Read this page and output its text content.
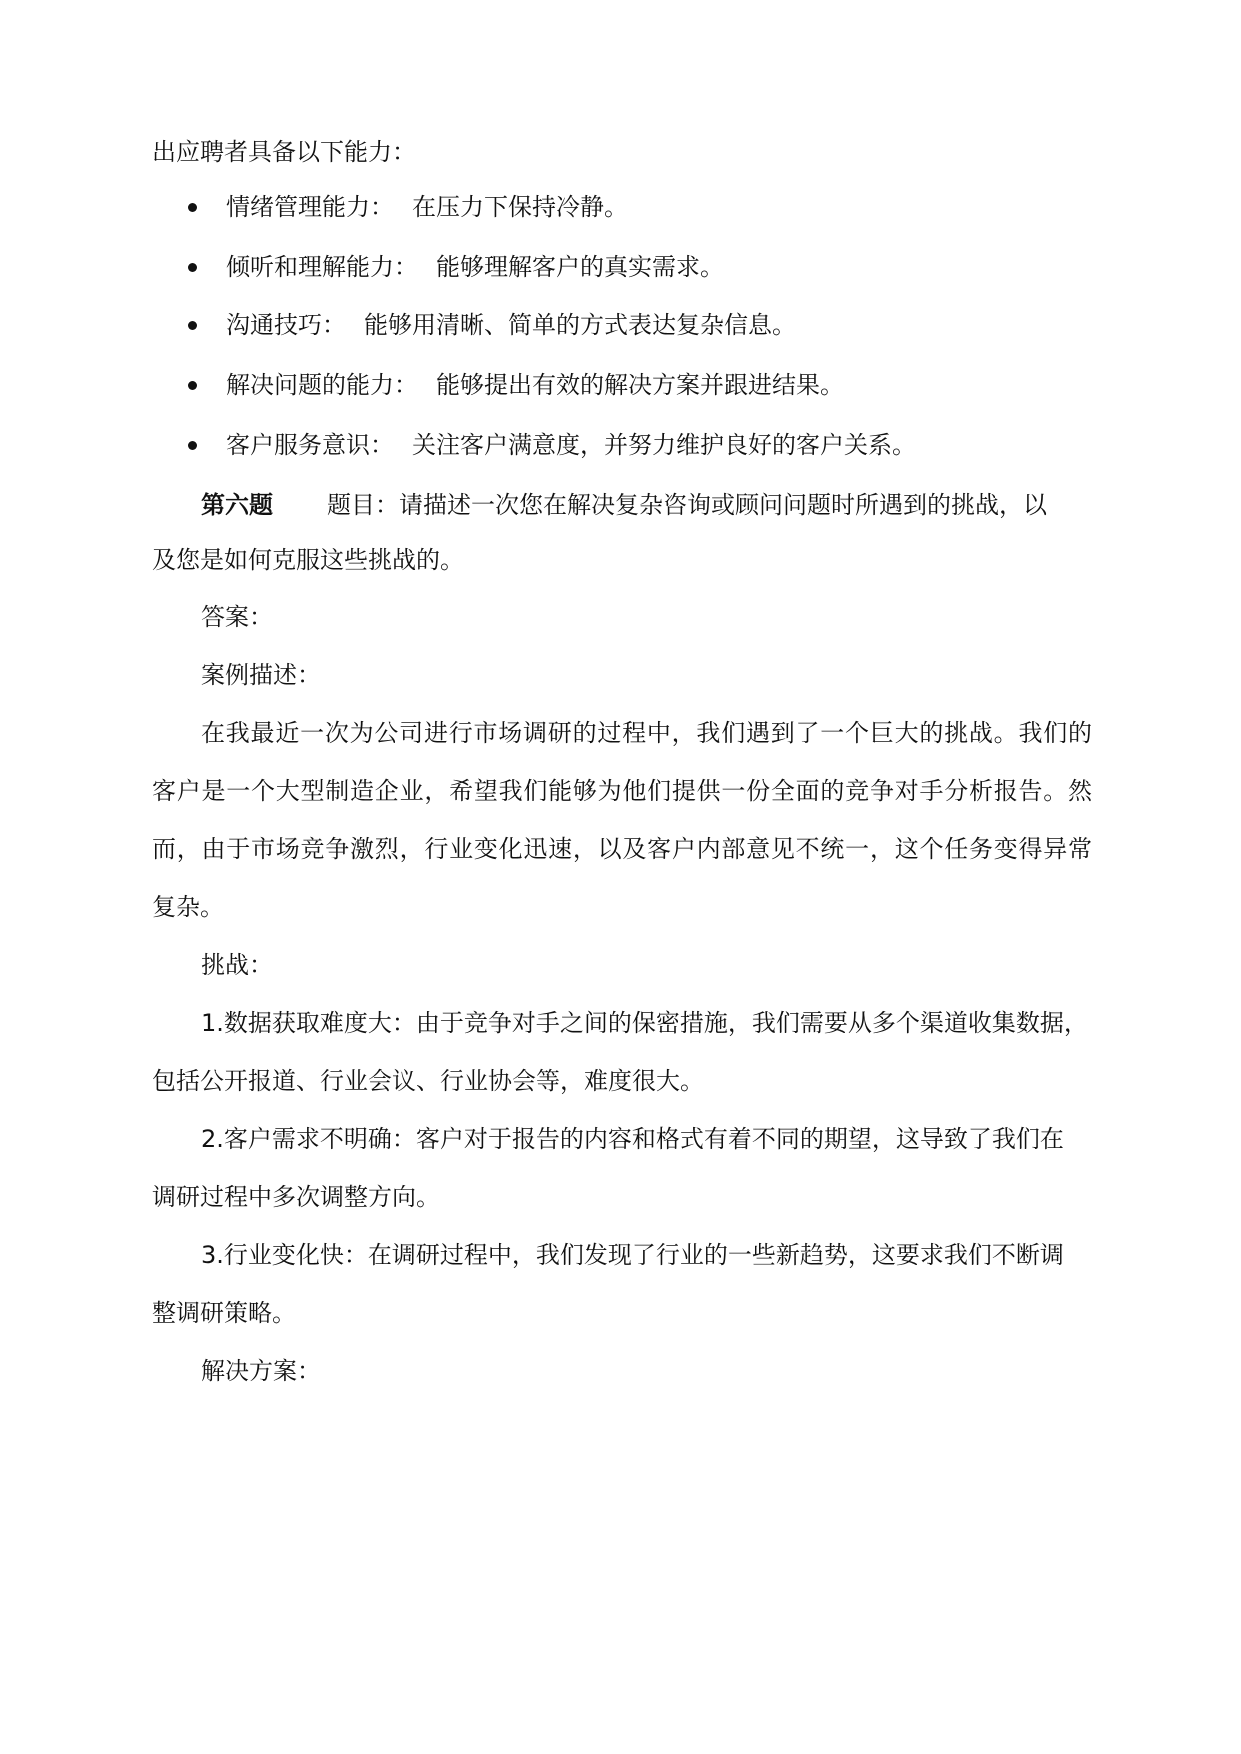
出应聘者具备以下能力：
情绪管理能力： 在压力下保持冷静。
倾听和理解能力： 能够理解客户的真实需求。
沟通技巧： 能够用清晰、简单的方式表达复杂信息。
解决问题的能力： 能够提出有效的解决方案并跟进结果。
客户服务意识： 关注客户满意度，并努力维护良好的客户关系。
第六题 题目：请描述一次您在解决复杂咨询或顾问问题时所遇到的挑战，以
及您是如何克服这些挑战的。
答案：
案例描述：
在我最近一次为公司进行市场调研的过程中，我们遇到了一个巨大的挑战。我们的
客户是一个大型制造企业，希望我们能够为他们提供一份全面的竞争对手分析报告。然
而，由于市场竞争激烈，行业变化迅速，以及客户内部意见不统一，这个任务变得异常
复杂。
挑战：
1.数据获取难度大：由于竞争对手之间的保密措施，我们需要从多个渠道收集数据，
包括公开报道、行业会议、行业协会等，难度很大。
2.客户需求不明确：客户对于报告的内容和格式有着不同的期望，这导致了我们在
调研过程中多次调整方向。
3.行业变化快：在调研过程中，我们发现了行业的一些新趋势，这要求我们不断调
整调研策略。
解决方案：
